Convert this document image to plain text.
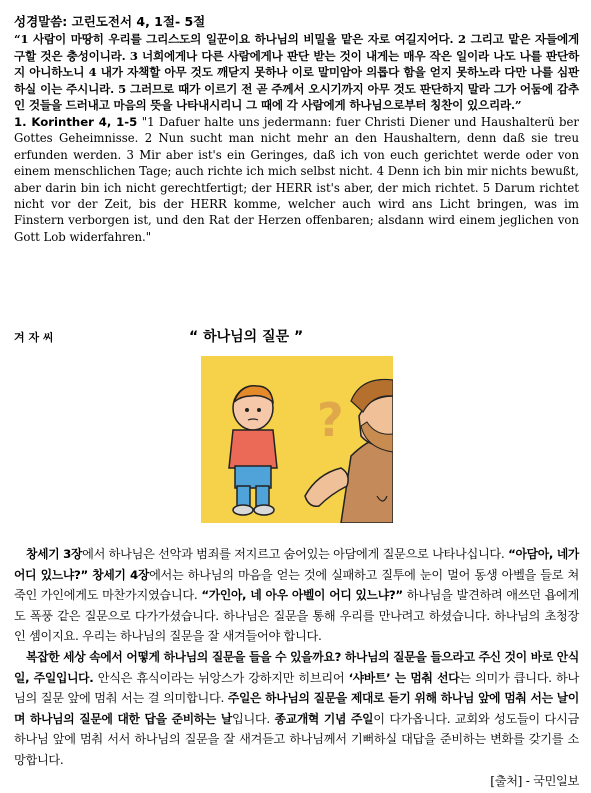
성경말씀: 고린도전서 4, 1절- 5절
“1 사람이 마땅히 우리를 그리스도의 일꾼이요 하나님의 비밀을 맡은 자로 여길지어다. 2 그리고 맡은 자들에게 구할 것은 충성이니라. 3 너희에게나 다른 사람에게나 판단 받는 것이 내게는 매우 작은 일이라 나도 나를 판단하지 아니하노니 4 내가 자책할 아무 것도 깨닫지 못하나 이로 말미암아 의롭다 함을 얻지 못하노라 다만 나를 심판하실 이는 주시니라. 5 그러므로 때가 이르기 전 곧 주께서 오시기까지 아무 것도 판단하지 말라 그가 어둠에 감추인 것들을 드러내고 마음의 뜻을 나타내시리니 그 때에 각 사람에게 하나님으로부터 칭찬이 있으리라.”
1. Korinther 4, 1-5 "1 Dafuer halte uns jedermann: fuer Christi Diener und Haushalterü ber Gottes Geheimnisse. 2 Nun sucht man nicht mehr an den Haushaltern, denn daß sie treu erfunden werden. 3 Mir aber ist's ein Geringes, daß ich von euch gerichtet werde oder von einem menschlichen Tage; auch richte ich mich selbst nicht. 4 Denn ich bin mir nichts bewußt, aber darin bin ich nicht gerechtfertigt; der HERR ist's aber, der mich richtet. 5 Darum richtet nicht vor der Zeit, bis der HERR komme, welcher auch wird ans Licht bringen, was im Finstern verborgen ist, und den Rat der Herzen offenbaren; alsdann wird einem jeglichen von Gott Lob widerfahren."
겨 자 씨	“ 하나님의 질문 ”
?

창세기 3장에서 하나님은 선악과 범죄를 저지르고 숨어있는 아담에게 질문으로 나타나십니다. “아담아, 네가 어디 있느냐?” 창세기 4장에서는 하나님의 마음을 얻는 것에 실패하고 질투에 눈이 멀어 동생 아벨을 들로 쳐 죽인 가인에게도 마찬가지였습니다. “가인아, 네 아우 아벨이 어디 있느냐?” 하나님을 발견하려 애쓰던 욥에게도 폭풍 같은 질문으로 다가가셨습니다. 하나님은 질문을 통해 우리를 만나려고 하셨습니다. 하나님의 초청장인 셈이지요. 우리는 하나님의 질문을 잘 새겨들어야 합니다.

복잡한 세상 속에서 어떻게 하나님의 질문을 들을 수 있을까요? 하나님의 질문을 들으라고 주신 것이 바로 안식일, 주일입니다. 안식은 휴식이라는 뉘앙스가 강하지만 히브리어 ‘샤바트’ 는 멈춰 선다는 의미가 큽니다. 하나님의 질문 앞에 멈춰 서는 걸 의미합니다. 주일은 하나님의 질문을 제대로 듣기 위해 하나님 앞에 멈춰 서는 날이며 하나님의 질문에 대한 답을 준비하는 날입니다. 종교개혁 기념 주일이 다가옵니다. 교회와 성도들이 다시금 하나님 앞에 멈춰 서서 하나님의 질문을 잘 새겨듣고 하나님께서 기뻐하실 대답을 준비하는 변화를 갖기를 소망합니다.

[출처] - 국민일보
